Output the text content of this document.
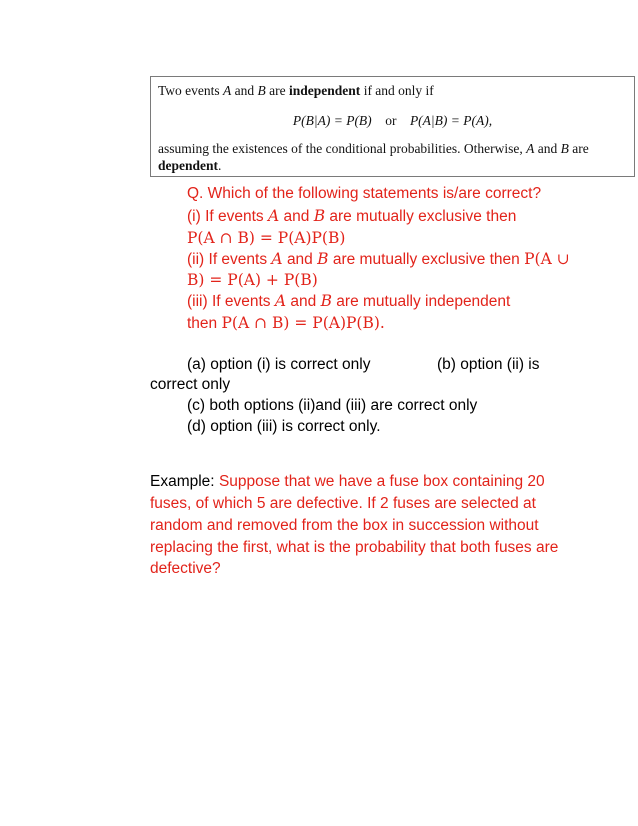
Two events A and B are independent if and only if
P(B|A) = P(B) or P(A|B) = P(A),
assuming the existences of the conditional probabilities. Otherwise, A and B are
dependent.
Q. Which of the following statements is/are correct?
(i) If events A and B are mutually exclusive then
P(A ∩ B) = P(A)P(B)
(ii) If events A and B are mutually exclusive then P(A ∪
B) = P(A) + P(B)
(iii) If events A and B are mutually independent
then P(A ∩ B) = P(A)P(B).
(a) option (i) is correct only	(b) option (ii) is
correct only
(c) both options (ii)and (iii) are correct only
(d) option (iii) is correct only.
Example: Suppose that we have a fuse box containing 20
fuses, of which 5 are defective. If 2 fuses are selected at
random and removed from the box in succession without
replacing the first, what is the probability that both fuses are
defective?
